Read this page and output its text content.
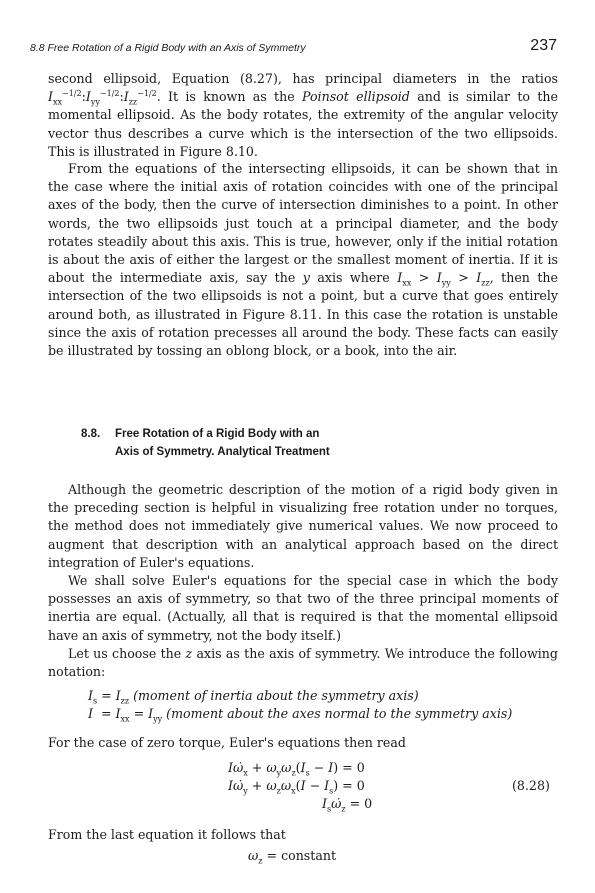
8.8 Free Rotation of a Rigid Body with an Axis of Symmetry	237

second ellipsoid, Equation (8.27), has principal diameters in the ratios $I_{xx}^{-1/2}:I_{yy}^{-1/2}:I_{zz}^{-1/2}$. It is known as the Poinsot ellipsoid and is similar to the momental ellipsoid. As the body rotates, the extremity of the angular velocity vector thus describes a curve which is the intersection of the two ellipsoids. This is illustrated in Figure 8.10.

From the equations of the intersecting ellipsoids, it can be shown that in the case where the initial axis of rotation coincides with one of the principal axes of the body, then the curve of intersection diminishes to a point. In other words, the two ellipsoids just touch at a principal diameter, and the body rotates steadily about this axis. This is true, however, only if the initial rotation is about the axis of either the largest or the smallest moment of inertia. If it is about the intermediate axis, say the y axis where $I_{xx} > I_{yy} > I_{zz}$, then the intersection of the two ellipsoids is not a point, but a curve that goes entirely around both, as illustrated in Figure 8.11. In this case the rotation is unstable since the axis of rotation precesses all around the body. These facts can easily be illustrated by tossing an oblong block, or a book, into the air.

8.8. Free Rotation of a Rigid Body with an
Axis of Symmetry. Analytical Treatment

Although the geometric description of the motion of a rigid body given in the preceding section is helpful in visualizing free rotation under no torques, the method does not immediately give numerical values. We now proceed to augment that description with an analytical approach based on the direct integration of Euler's equations.

We shall solve Euler's equations for the special case in which the body possesses an axis of symmetry, so that two of the three principal moments of inertia are equal. (Actually, all that is required is that the momental ellipsoid have an axis of symmetry, not the body itself.)

Let us choose the z axis as the axis of symmetry. We introduce the following notation:

$I_s = I_{zz}$ (moment of inertia about the symmetry axis)
$I = I_{xx} = I_{yy}$ (moment about the axes normal to the symmetry axis)

For the case of zero torque, Euler's equations then read

$I\omegȧ_x + \omega_y\omega_z(I_s - I) = 0$
$I\omegȧ_y + \omega_z\omega_x(I - I_s) = 0$
$I_s\omegȧ_z = 0$
(8.28)

From the last equation it follows that

$\omega_z$ = constant
